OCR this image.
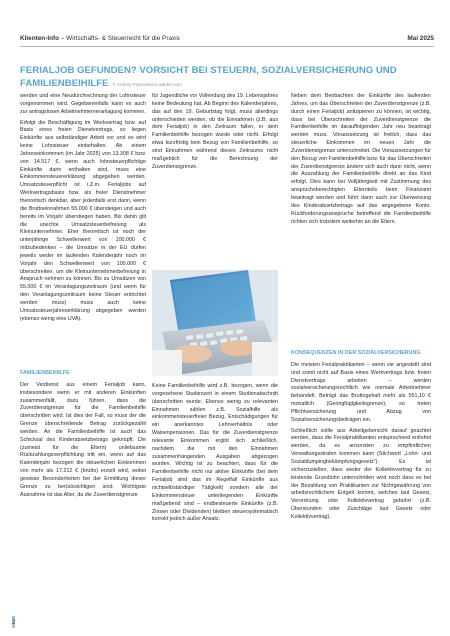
Klienten-Info – Wirtschafts- & Steuerrecht für die Praxis	Mai 2025
FERIALJOB GEFUNDEN? VORSICHT BEI STEUERN, SOZIALVERSICHERUNG UND
FAMILIENBEIHILFE © Andrey Popov/stock.adobe.com

werden und eine Neudurchrechnung der Lohnsteuer vorgenommen wird. Gegebenenfalls kann es auch zur antragslosen Arbeitnehmerveranlagung kommen.

Erfolgt die Beschäftigung im Werkvertrag bzw. auf Basis eines freien Dienstvertrags, so liegen Einkünfte aus selbständiger Arbeit vor und es wird keine Lohnsteuer einbehalten. Ab einem Jahreseinkommen (im Jahr 2025) von 13.308 € bzw. von 14.517 €, wenn auch lohnsteuerpflichtige Einkünfte darin enthalten sind, muss eine Einkommensteuererklärung abgegeben werden. Umsatzsteuerpflicht ist i.Z.m. Ferialjobs auf Werkvertragsbasis bzw. als freier Dienstnehmer theoretisch denkbar, aber jedenfalls erst dann, wenn die Bruttoeinnahmen 55.000 € übersteigen und auch bereits im Vorjahr überstiegen haben. Bis dahin gilt die unechte Umsatzsteuerbefreiung als Kleinunternehmer. Eher theoretisch ist noch der unterjährige Schwellenwert von 100.000 € mitzubedenken – die Umsätze in der EU dürfen jeweils weder im laufenden Kalenderjahr noch im Vorjahr den Schwellenwert von 100.000 € überschreiten, um die Kleinunternehmerbefreiung in Anspruch nehmen zu können. Bis zu Umsätzen von 55.000 € im Veranlagungszeitraum (und wenn für den Veranlagungszeitraum keine Steuer entrichtet werden muss) muss auch keine Umsatzsteuerjahreserklärung abgegeben werden (ebenso wenig eine UVA).

FAMILIENBEIHILFE

Der Verdienst aus einem Ferialjob kann, insbesondere wenn er mit anderen Einkünften zusammenfällt, dazu führen, dass die Zuverdienstgrenze für die Familienbeihilfe überschritten wird. Ist dies der Fall, so muss der die Grenze überschreitende Betrag zurückgezahlt werden. An die Familienbeihilfe ist auch das Schicksal des Kinderabsetzbetrags geknüpft. Die (zumeist für die Eltern) unliebsame Rückzahlungsverpflichtung tritt ein, wenn auf das Kalenderjahr bezogen die steuerlichen Einkommen von mehr als 17.212 € (brutto) erzielt wird, wobei gewisse Besonderheiten bei der Ermittlung dieser Grenze zu berücksichtigen sind. Wichtigste Ausnahme ist das Alter, da die Zuverdienstgrenze

für Jugendliche vor Vollendung des 19. Lebensjahres keine Bedeutung hat. Ab Beginn des Kalenderjahres, das auf den 19. Geburtstag folgt, muss allerdings unterschieden werden, ob die Einnahmen (z.B. aus dem Ferialjob) in den Zeitraum fallen, in dem Familienbeihilfe bezogen wurde oder nicht. Erfolgt etwa kurzfristig kein Bezug von Familienbeihilfe, so sind Einnahmen während dieses Zeitraums nicht maßgeblich für die Berechnung der Zuverdienstgrenze.

Keine Familienbeihilfe wird z.B. bezogen, wenn die vorgesehene Studienzeit in einem Studienabschnitt überschritten wurde. Ebenso wenig zu relevanten Einnahmen zählen z.B. Sozialhilfe als einkommensteuerfreier Bezug, Entschädigungen für ein anerkanntes Lehrverhältnis oder Waisenpensionen. Das für die Zuverdienstgrenze relevante Einkommen ergibt sich schließlich, nachdem die mit den Einnahmen zusammenhängenden Ausgaben abgezogen wurden. Wichtig ist zu beachten, dass für die Familienbeihilfe nicht nur aktive Einkünfte (bei dem Ferialjob sind das im Regelfall Einkünfte aus nichtselbständiger Tätigkeit) sondern alle der Einkommensteuer unterliegenden Einkünfte maßgebend sind – endbesteuerte Einkünfte (z.B. Zinsen oder Dividenden) bleiben steuersystematisch korrekt jedoch außer Ansatz.

Neben dem Beobachten der Einkünfte des laufenden Jahres, um das Überschreiten der Zuverdienstgrenze (z.B. durch einen Ferialjob) antizipieren zu können, ist wichtig, dass bei Überschreiten der Zuverdienstgrenze die Familienbeihilfe im darauffolgenden Jahr neu beantragt werden muss. Voraussetzung ist freilich, dass das steuerliche Einkommen im neuen Jahr die Zuverdienstgrenze unterschreitet. Die Voraussetzungen für den Bezug von Familienbeihilfe bzw. für das Überschreiten der Zuverdienstgrenze ändern sich auch dann nicht, wenn die Auszahlung der Familienbeihilfe direkt an das Kind erfolgt. Dies kann bei Volljährigkeit mit Zustimmung des anspruchsberechtigten Elternteils beim Finanzamt beantragt werden und führt dann auch zur Überweisung des Kinderabsetzbetrags auf das angegebene Konto. Rückforderungsansprüche betreffend die Familienbeihilfe richten sich trotzdem weiterhin an die Eltern.

KONSEQUENZEN IN DER SOZIALVERSICHERUNG

Die meisten Ferialpraktikanten – wenn sie angestellt sind und somit nicht auf Basis eines Werkvertrags bzw. freien Dienstvertrags arbeiten – werden sozialversicherungsrechtlich wie normale Arbeitnehmer behandelt. Beträgt das Bruttogehalt mehr als 551,10 € monatlich (Geringfügigkeitsgrenze), so treten Pflichtversicherung und Abzug von Sozialversicherungsbeiträgen ein.

Schließlich sollte aus Arbeitgebersicht darauf geachtet werden, dass die Ferialpraktikanten entsprechend entlohnt werden, da es ansonsten zu empfindlichen Verwaltungsstrafen kommen kann (Stichwort „Lohn- und Sozialdumpingbekämpfungsgesetz“). Es ist sicherzustellen, dass weder der Kollektivvertrag für zu leistende Grundlohn unterschritten wird noch dass es bei der Bezahlung von Praktikanten zur Nichtgewährung von arbeitsrechtlichem Entgelt kommt, welches laut Gesetz, Verordnung oder Kollektivvertrag gebührt (z.B. Überstunden oder Zuschläge laut Gesetz oder Kollektivvertrag).

2
